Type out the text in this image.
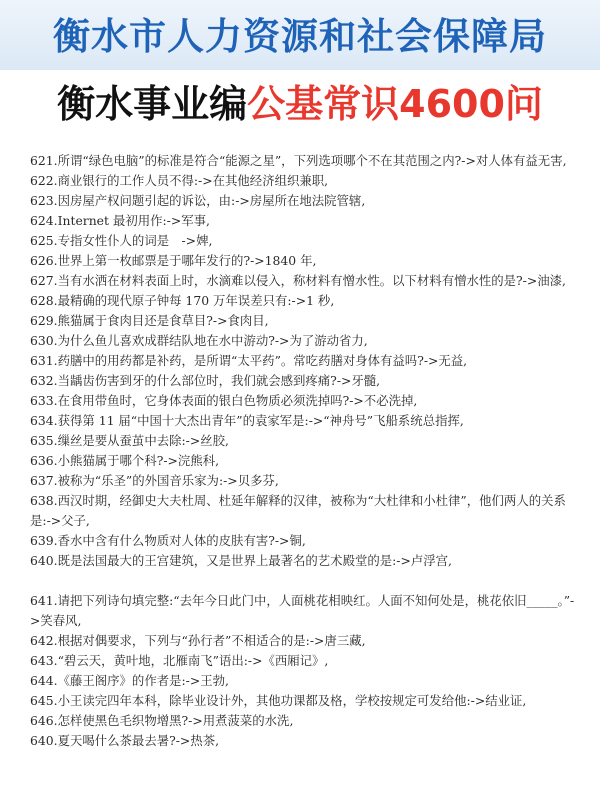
衡水市人力资源和社会保障局
衡水事业编公基常识4600问

621.所谓“绿色电脑”的标准是符合“能源之星”，下列选项哪个不在其范围之内?->对人体有益无害,

622.商业银行的工作人员不得:->在其他经济组织兼职,

623.因房屋产权问题引起的诉讼，由:->房屋所在地法院管辖,

624.Internet 最初用作:->军事,

625.专指女性仆人的词是　->婢,

626.世界上第一枚邮票是于哪年发行的?->1840 年,

627.当有水洒在材料表面上时，水滴难以侵入，称材料有憎水性。以下材料有憎水性的是?->油漆,

628.最精确的现代原子钟每 170 万年误差只有:->1 秒,

629.熊猫属于食肉目还是食草目?->食肉目,

630.为什么鱼儿喜欢成群结队地在水中游动?->为了游动省力,

631.药膳中的用药都是补药，是所谓“太平药”。常吃药膳对身体有益吗?->无益,

632.当龋齿伤害到牙的什么部位时，我们就会感到疼痛?->牙髓,

633.在食用带鱼时，它身体表面的银白色物质必须洗掉吗?->不必洗掉,

634.获得第 11 届“中国十大杰出青年”的袁家军是:->“神舟号”飞船系统总指挥,

635.缫丝是要从蚕茧中去除:->丝胶,

636.小熊猫属于哪个科?->浣熊科,

637.被称为“乐圣”的外国音乐家为:->贝多芬,

638.西汉时期，经御史大夫杜周、杜延年解释的汉律，被称为“大杜律和小杜律”，他们两人的关系是:->父子,

639.香水中含有什么物质对人体的皮肤有害?->铜,

640.既是法国最大的王宫建筑，又是世界上最著名的艺术殿堂的是:->卢浮宫,

641.请把下列诗句填完整:“去年今日此门中，人面桃花相映红。人面不知何处是，桃花依旧_____。”->笑春风,

642.根据对偶要求，下列与“孙行者”不相适合的是:->唐三藏,

643.“碧云天，黄叶地，北雁南飞”语出:->《西厢记》,

644.《藤王阁序》的作者是:->王勃,

645.小王读完四年本科，除毕业设计外，其他功课都及格，学校按规定可发给他:->结业证,

646.怎样使黑色毛织物增黑?->用煮菠菜的水洗,

640.夏天喝什么茶最去暑?->热茶,
